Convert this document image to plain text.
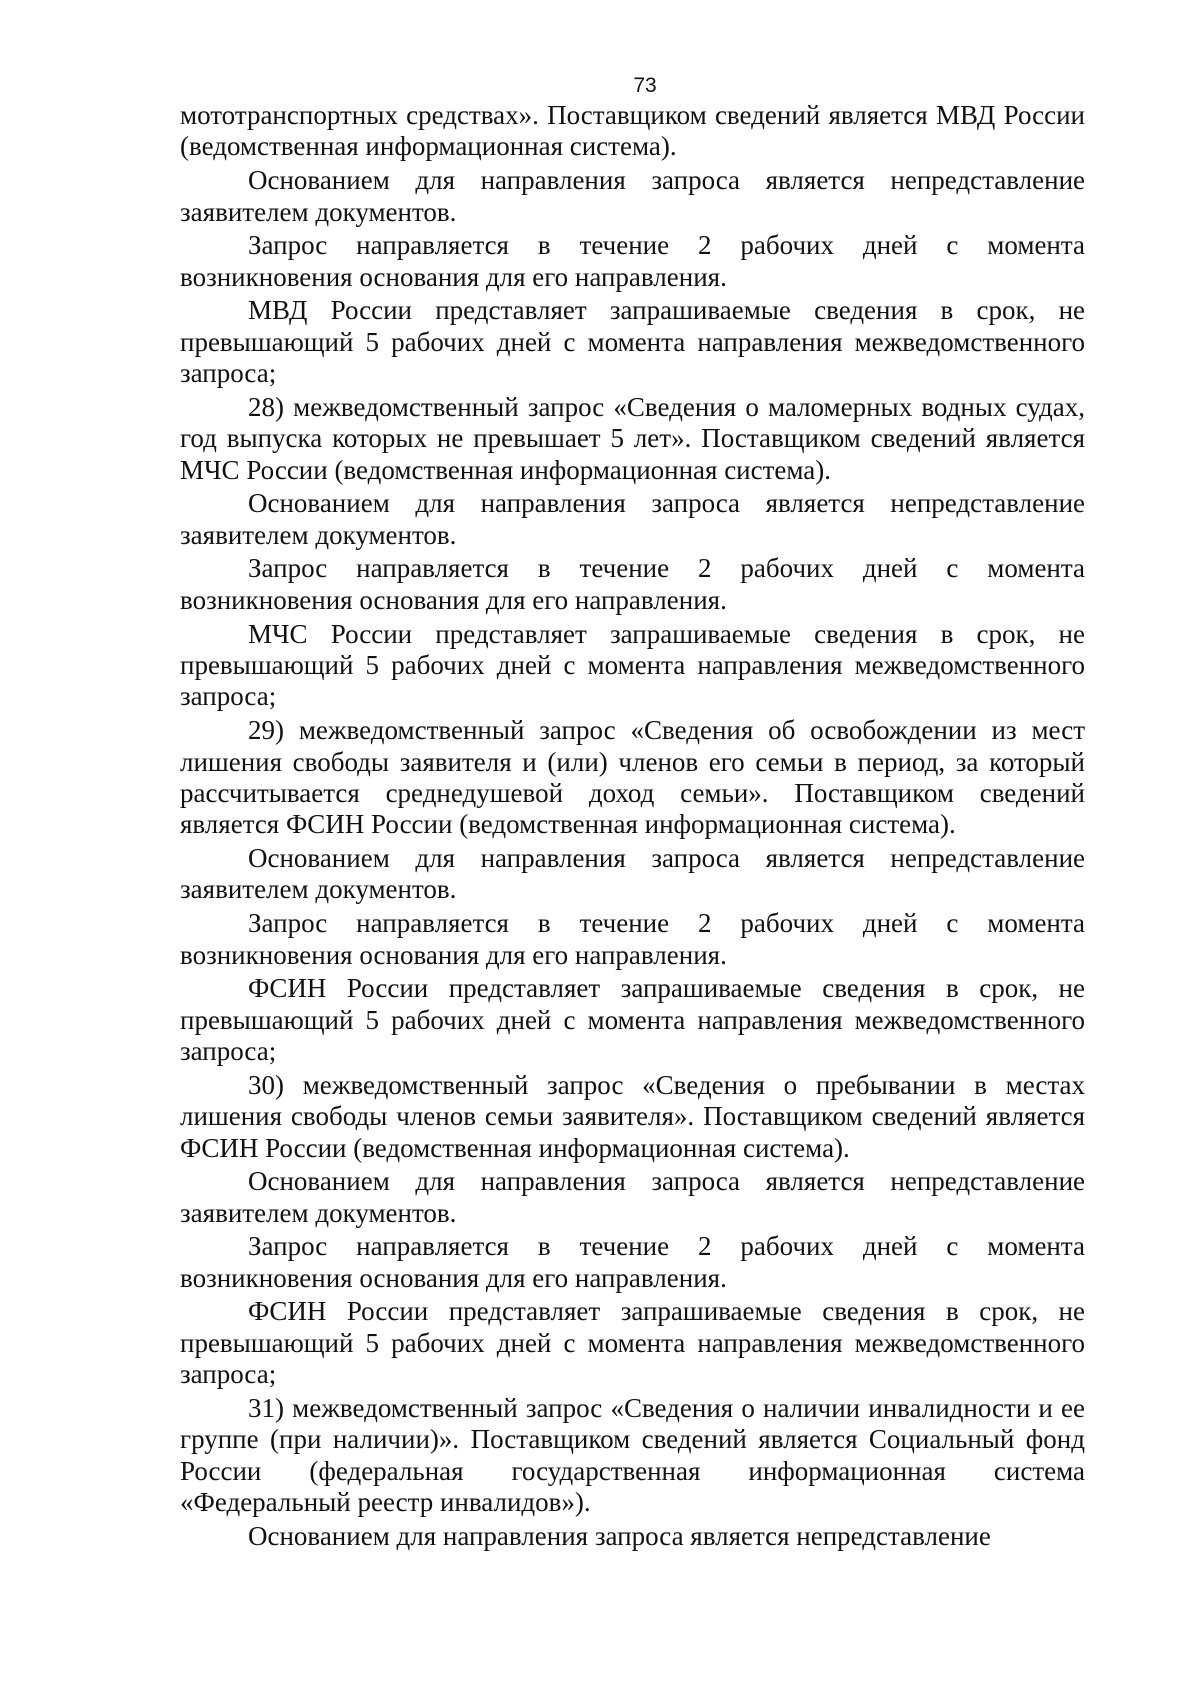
73

мототранспортных средствах». Поставщиком сведений является МВД России (ведомственная информационная система).

Основанием для направления запроса является непредставление заявителем документов.

Запрос направляется в течение 2 рабочих дней с момента возникновения основания для его направления.

МВД России представляет запрашиваемые сведения в срок, не превышающий 5 рабочих дней с момента направления межведомственного запроса;

28) межведомственный запрос «Сведения о маломерных водных судах, год выпуска которых не превышает 5 лет». Поставщиком сведений является МЧС России (ведомственная информационная система).

Основанием для направления запроса является непредставление заявителем документов.

Запрос направляется в течение 2 рабочих дней с момента возникновения основания для его направления.

МЧС России представляет запрашиваемые сведения в срок, не превышающий 5 рабочих дней с момента направления межведомственного запроса;

29) межведомственный запрос «Сведения об освобождении из мест лишения свободы заявителя и (или) членов его семьи в период, за который рассчитывается среднедушевой доход семьи». Поставщиком сведений является ФСИН России (ведомственная информационная система).

Основанием для направления запроса является непредставление заявителем документов.

Запрос направляется в течение 2 рабочих дней с момента возникновения основания для его направления.

ФСИН России представляет запрашиваемые сведения в срок, не превышающий 5 рабочих дней с момента направления межведомственного запроса;

30) межведомственный запрос «Сведения о пребывании в местах лишения свободы членов семьи заявителя». Поставщиком сведений является ФСИН России (ведомственная информационная система).

Основанием для направления запроса является непредставление заявителем документов.

Запрос направляется в течение 2 рабочих дней с момента возникновения основания для его направления.

ФСИН России представляет запрашиваемые сведения в срок, не превышающий 5 рабочих дней с момента направления межведомственного запроса;

31) межведомственный запрос «Сведения о наличии инвалидности и ее группе (при наличии)». Поставщиком сведений является Социальный фонд России (федеральная государственная информационная система «Федеральный реестр инвалидов»).

Основанием для направления запроса является непредставление
